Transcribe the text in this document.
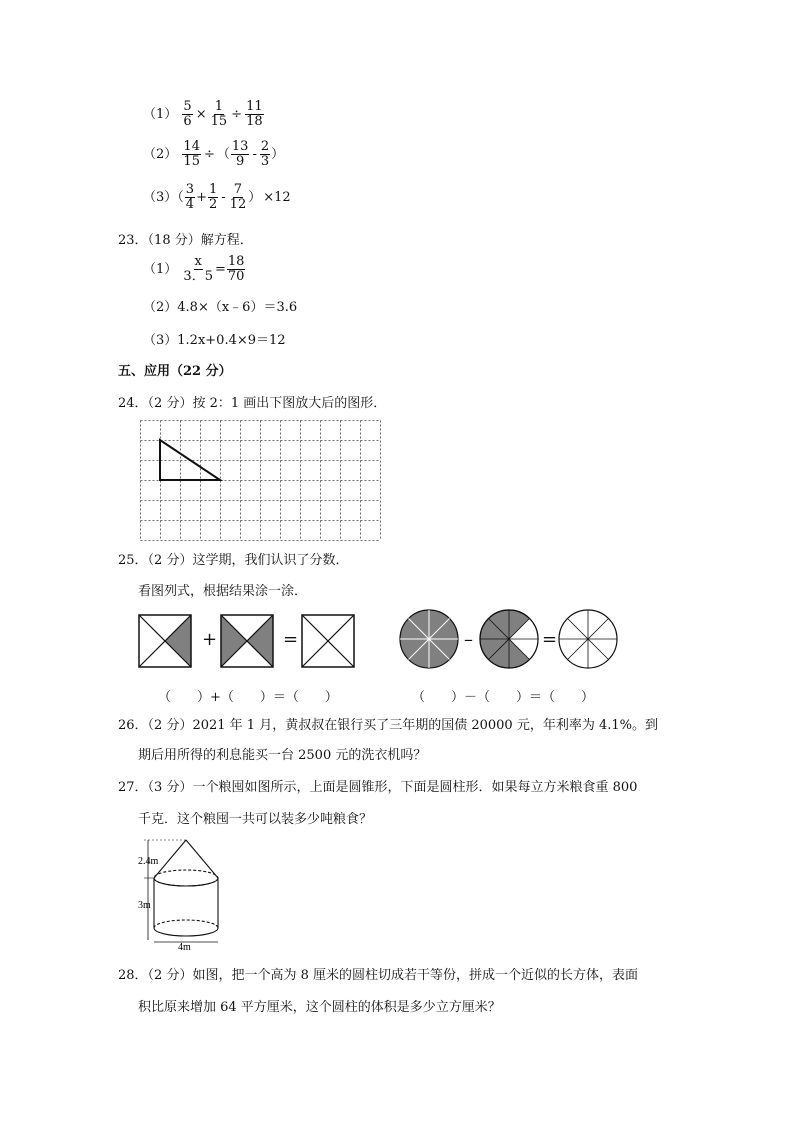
$(1) \frac{5}{6} \times \frac{1}{15} \div \frac{11}{18}$
$(2) \frac{14}{15}$ ÷ （ $\frac{13}{9} - \frac{2}{3}$ ）
$(3)( \frac{3}{4} + \frac{1}{2} - \frac{7}{12}$ ） ×12
23．（18 分）解方程．
$(1) \frac{x}{3.5} = \frac{18}{70}$
（2）4.8×（x﹣6）＝3.6
（3）1.2x+0.4×9＝12
五、应用（22 分）
24．（2 分）按 2：1 画出下图放大后的图形．
25．（2 分）这学期，我们认识了分数．
看图列式，根据结果涂一涂．
+	=	–	=
（　　）+（　　）＝（　　）	（　　）－（　　）＝（　　）
26．（2 分）2021 年 1 月，黄叔叔在银行买了三年期的国债 20000 元，年利率为 4.1%。到
期后用所得的利息能买一台 2500 元的洗衣机吗？
27．（3 分）一个粮囤如图所示，上面是圆锥形，下面是圆柱形．如果每立方米粮食重 800
千克．这个粮囤一共可以装多少吨粮食？
2.4m
3m
4m
28．（2 分）如图，把一个高为 8 厘米的圆柱切成若干等份，拼成一个近似的长方体，表面
积比原来增加 64 平方厘米，这个圆柱的体积是多少立方厘米？
